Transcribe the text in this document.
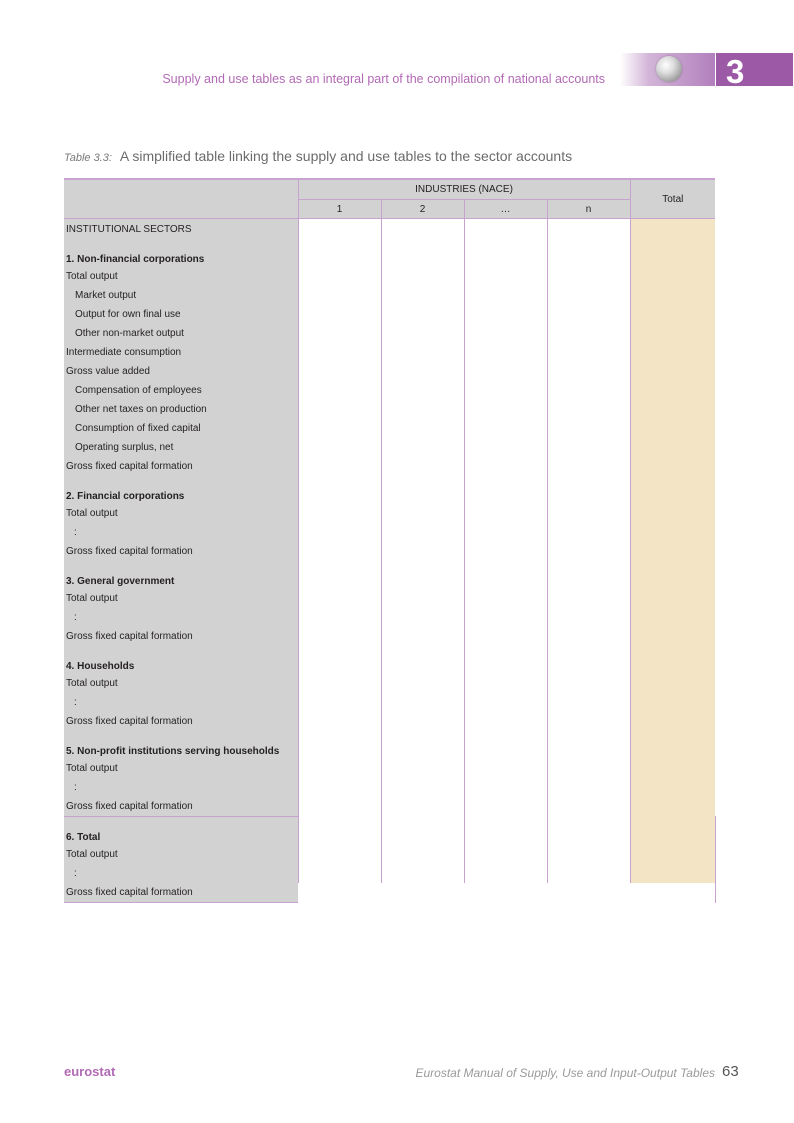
Supply and use tables as an integral part of the compilation of national accounts	3
Table 3.3: A simplified table linking the supply and use tables to the sector accounts
	INDUSTRIES (NACE)				Total	
	1	2	…	n		
INSTITUTIONAL SECTORS						
1. Non-financial corporations						
Total output						
Market output						
Output for own final use						
Other non-market output						
Intermediate consumption						
Gross value added						
Compensation of employees						
Other net taxes on production						
Consumption of fixed capital						
Operating surplus, net						
Gross fixed capital formation						
2. Financial corporations						
Total output						
:						
Gross fixed capital formation						
3. General government						
Total output						
:						
Gross fixed capital formation						
4. Households						
Total output						
:						
Gross fixed capital formation						
5. Non-profit institutions serving households						
Total output						
:						
Gross fixed capital formation						
6. Total						
Total output						
:						
Gross fixed capital formation						
eurostat	Eurostat Manual of Supply, Use and Input-Output Tables 63
